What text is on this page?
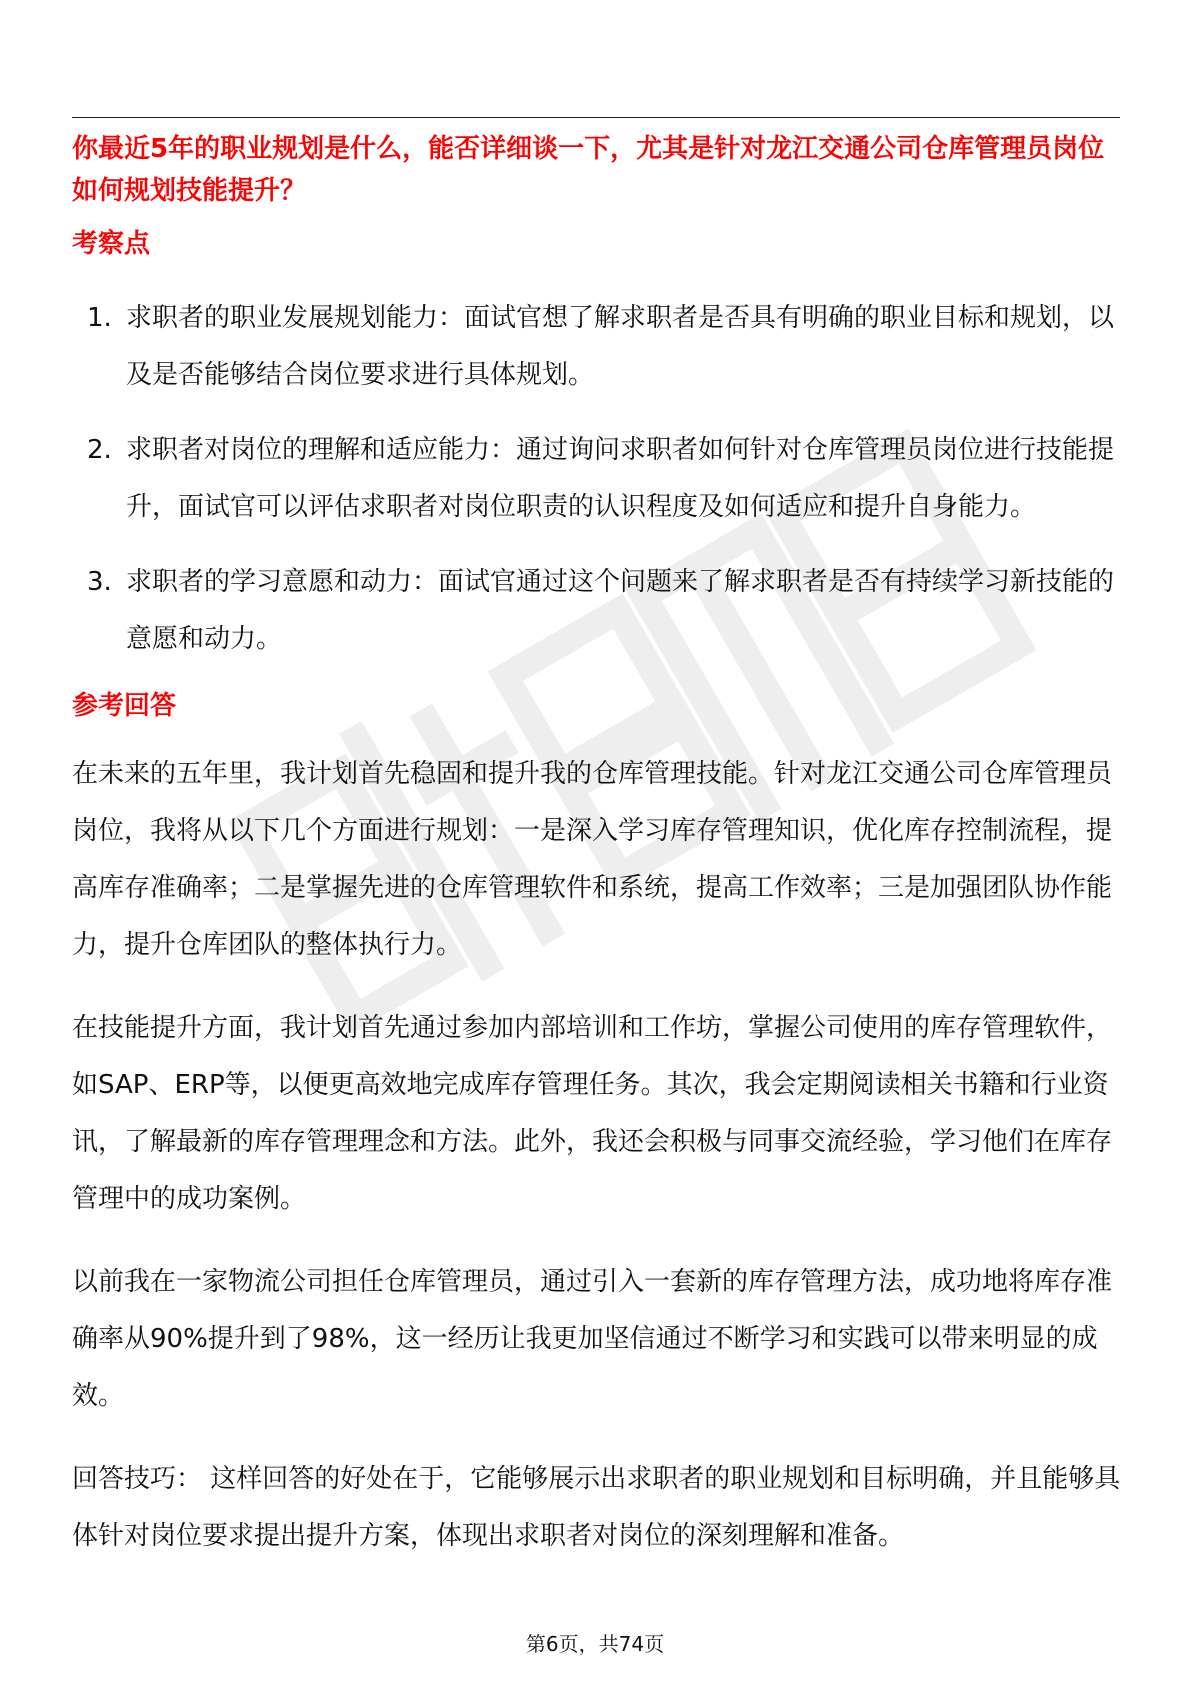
你最近5年的职业规划是什么，能否详细谈一下，尤其是针对龙江交通公司仓库管理员岗位如何规划技能提升？

考察点
1. 求职者的职业发展规划能力：面试官想了解求职者是否具有明确的职业目标和规划，以及是否能够结合岗位要求进行具体规划。
2. 求职者对岗位的理解和适应能力：通过询问求职者如何针对仓库管理员岗位进行技能提升，面试官可以评估求职者对岗位职责的认识程度及如何适应和提升自身能力。
3. 求职者的学习意愿和动力：面试官通过这个问题来了解求职者是否有持续学习新技能的意愿和动力。
参考回答

在未来的五年里，我计划首先稳固和提升我的仓库管理技能。针对龙江交通公司仓库管理员岗位，我将从以下几个方面进行规划：一是深入学习库存管理知识，优化库存控制流程，提高库存准确率；二是掌握先进的仓库管理软件和系统，提高工作效率；三是加强团队协作能力，提升仓库团队的整体执行力。

在技能提升方面，我计划首先通过参加内部培训和工作坊，掌握公司使用的库存管理软件，如SAP、ERP等，以便更高效地完成库存管理任务。其次，我会定期阅读相关书籍和行业资讯，了解最新的库存管理理念和方法。此外，我还会积极与同事交流经验，学习他们在库存管理中的成功案例。

以前我在一家物流公司担任仓库管理员，通过引入一套新的库存管理方法，成功地将库存准确率从90%提升到了98%，这一经历让我更加坚信通过不断学习和实践可以带来明显的成效。

回答技巧： 这样回答的好处在于，它能够展示出求职者的职业规划和目标明确，并且能够具体针对岗位要求提出提升方案，体现出求职者对岗位的深刻理解和准备。

第6页，共74页
